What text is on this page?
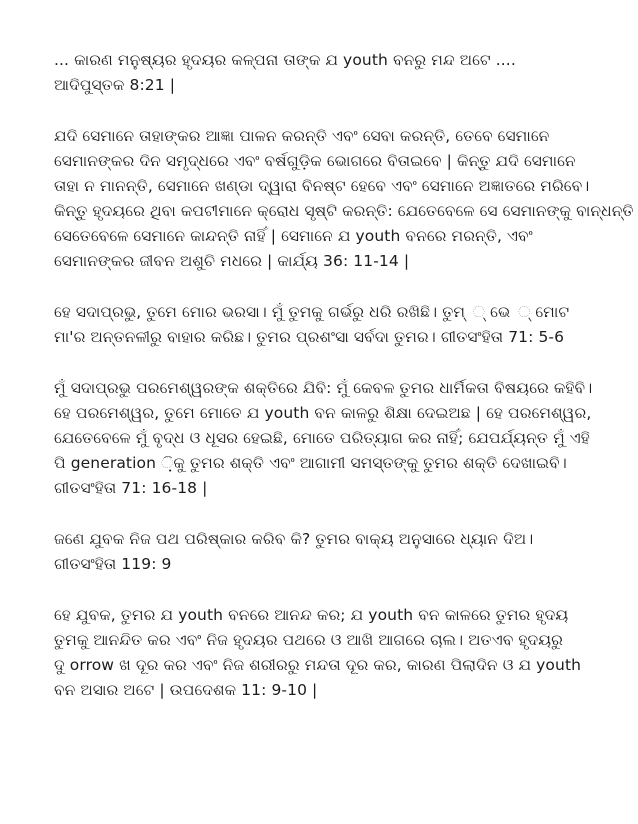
... କାରଣ ମନୁଷ୍ୟର ହୃଦୟର କଳ୍ପନା ତାଙ୍କ ଯ youth ବନରୁ ମନ୍ଦ ଅଟେ ....
ଆଦିପୁସ୍ତକ 8:21 |

ଯଦି ସେମାନେ ତାହାଙ୍କର ଆଜ୍ଞା ପାଳନ କରନ୍ତି ଏବଂ ସେବା କରନ୍ତି, ତେବେ ସେମାନେ
ସେମାନଙ୍କର ଦିନ ସମୃଦ୍ଧରେ ଏବଂ ବର୍ଷଗୁଡ଼ିକ ଭୋଗରେ ବିତାଇବେ | କିନ୍ତୁ ଯଦି ସେମାନେ
ତାହା ନ ମାନନ୍ତି, ସେମାନେ ଖଣ୍ଡା ଦ୍ୱାରା ବିନଷ୍ଟ ହେବେ ଏବଂ ସେମାନେ ଅଜ୍ଞାତରେ ମରିବେ।
କିନ୍ତୁ ହୃଦୟରେ ଥିବା କପଟୀମାନେ କ୍ରୋଧ ସୃଷ୍ଟି କରନ୍ତି: ଯେତେବେଳେ ସେ ସେମାନଙ୍କୁ ବାନ୍ଧନ୍ତି
ସେତେବେଳେ ସେମାନେ କାନ୍ଦନ୍ତି ନାହିଁ | ସେମାନେ ଯ youth ବନରେ ମରନ୍ତି, ଏବଂ
ସେମାନଙ୍କର ଜୀବନ ଅଶୁଚି ମଧରେ | କାର୍ଯ୍ୟ 36: 11-14 |

ହେ ସଦାପ୍ରଭୁ, ତୁମେ ମୋର ଭରସା। ମୁଁ ତୁମକୁ ଗର୍ଭରୁ ଧରି ରଖିଛି। ତୁମ୍ ୍ ଭେ ୍ ମୋଟ
ମା'ର ଅନ୍ତନଳୀରୁ ବାହାର କରିଛ। ତୁମର ପ୍ରଶଂସା ସର୍ବଦା ତୁମର। ଗୀତସଂହିତା 71: 5-6

ମୁଁ ସଦାପ୍ରଭୁ ପରମେଶ୍ୱରଙ୍କ ଶକ୍ତିରେ ଯିବି: ମୁଁ କେବଳ ତୁମର ଧାର୍ମିକତା ବିଷୟରେ କହିବି।
ହେ ପରମେଶ୍ୱର, ତୁମେ ମୋତେ ଯ youth ବନ କାଳରୁ ଶିକ୍ଷା ଦେଇଅଛ | ହେ ପରମେଶ୍ୱର,
ଯେତେବେଳେ ମୁଁ ବୃଦ୍ଧ ଓ ଧୂସର ହେଇଛି, ମୋତେ ପରିତ୍ୟାଗ କର ନାହିଁ; ଯେପର୍ଯ୍ୟନ୍ତ ମୁଁ ଏହି
ପି generation ଼ିକୁ ତୁମର ଶକ୍ତି ଏବଂ ଆଗାମୀ ସମସ୍ତଙ୍କୁ ତୁମର ଶକ୍ତି ଦେଖାଇବି।
ଗୀତସଂହିତା 71: 16-18 |

ଜଣେ ଯୁବକ ନିଜ ପଥ ପରିଷ୍କାର କରିବ କି? ତୁମର ବାକ୍ୟ ଅନୁସାରେ ଧ୍ୟାନ ଦିଅ।
ଗୀତସଂହିତା 119: 9

ହେ ଯୁବକ, ତୁମର ଯ youth ବନରେ ଆନନ୍ଦ କର; ଯ youth ବନ କାଳରେ ତୁମର ହୃଦୟ
ତୁମକୁ ଆନନ୍ଦିତ କର ଏବଂ ନିଜ ହୃଦୟର ପଥରେ ଓ ଆଖି ଆଗରେ ଚାଲ। ଅତଏବ ହୃଦୟରୁ
ଦୁ orrow ଖ ଦୂର କର ଏବଂ ନିଜ ଶରୀରରୁ ମନ୍ଦତା ଦୂର କର, କାରଣ ପିଲାଦିନ ଓ ଯ youth
ବନ ଅସାର ଅଟେ | ଉପଦେଶକ 11: 9-10 |
